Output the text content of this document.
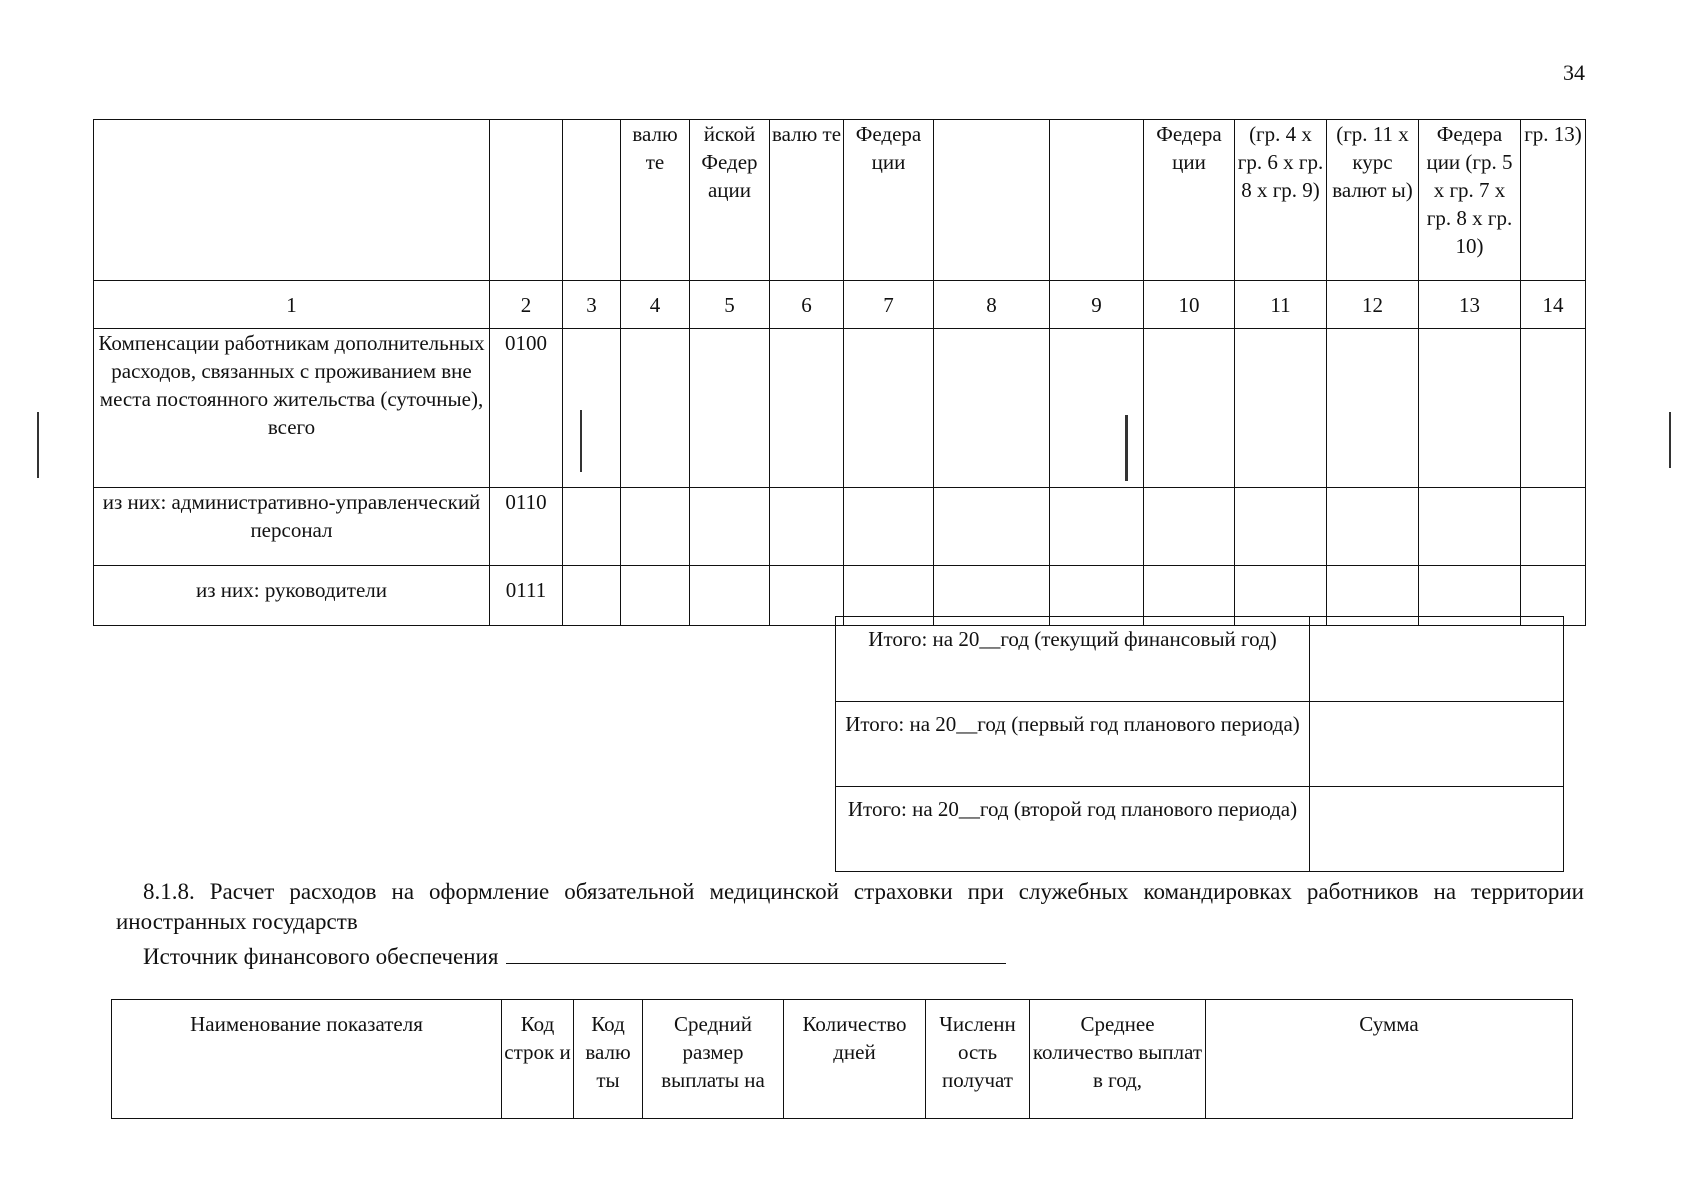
34
			валю те	йской Федер ации	валю те	Федера ции			Федера ции	(гр. 4 х гр. 6 х гр. 8 х гр. 9)	(гр. 11 х курс валют ы)	Федера ции (гр. 5 х гр. 7 х гр. 8 х гр. 10)	гр. 13)
1	2	3	4	5	6	7	8	9	10	11	12	13	14
Компенсации работникам дополнительных расходов, связанных с проживанием вне места постоянного жительства (суточные), всего	0100												
из них: административно-управленческий персонал	0110												
из них: руководители	0111												
Итого: на 20__год (текущий финансовый год)	
Итого: на 20__год (первый год планового периода)	
Итого: на 20__год (второй год планового периода)	
8.1.8. Расчет расходов на оформление обязательной медицинской страховки при служебных командировках работников на территории иностранных государств
Источник финансового обеспечения
Наименование показателя	Код строк и	Код валю ты	Средний размер выплаты на	Количество дней	Численн ость получат	Среднее количество выплат в год,	Сумма
